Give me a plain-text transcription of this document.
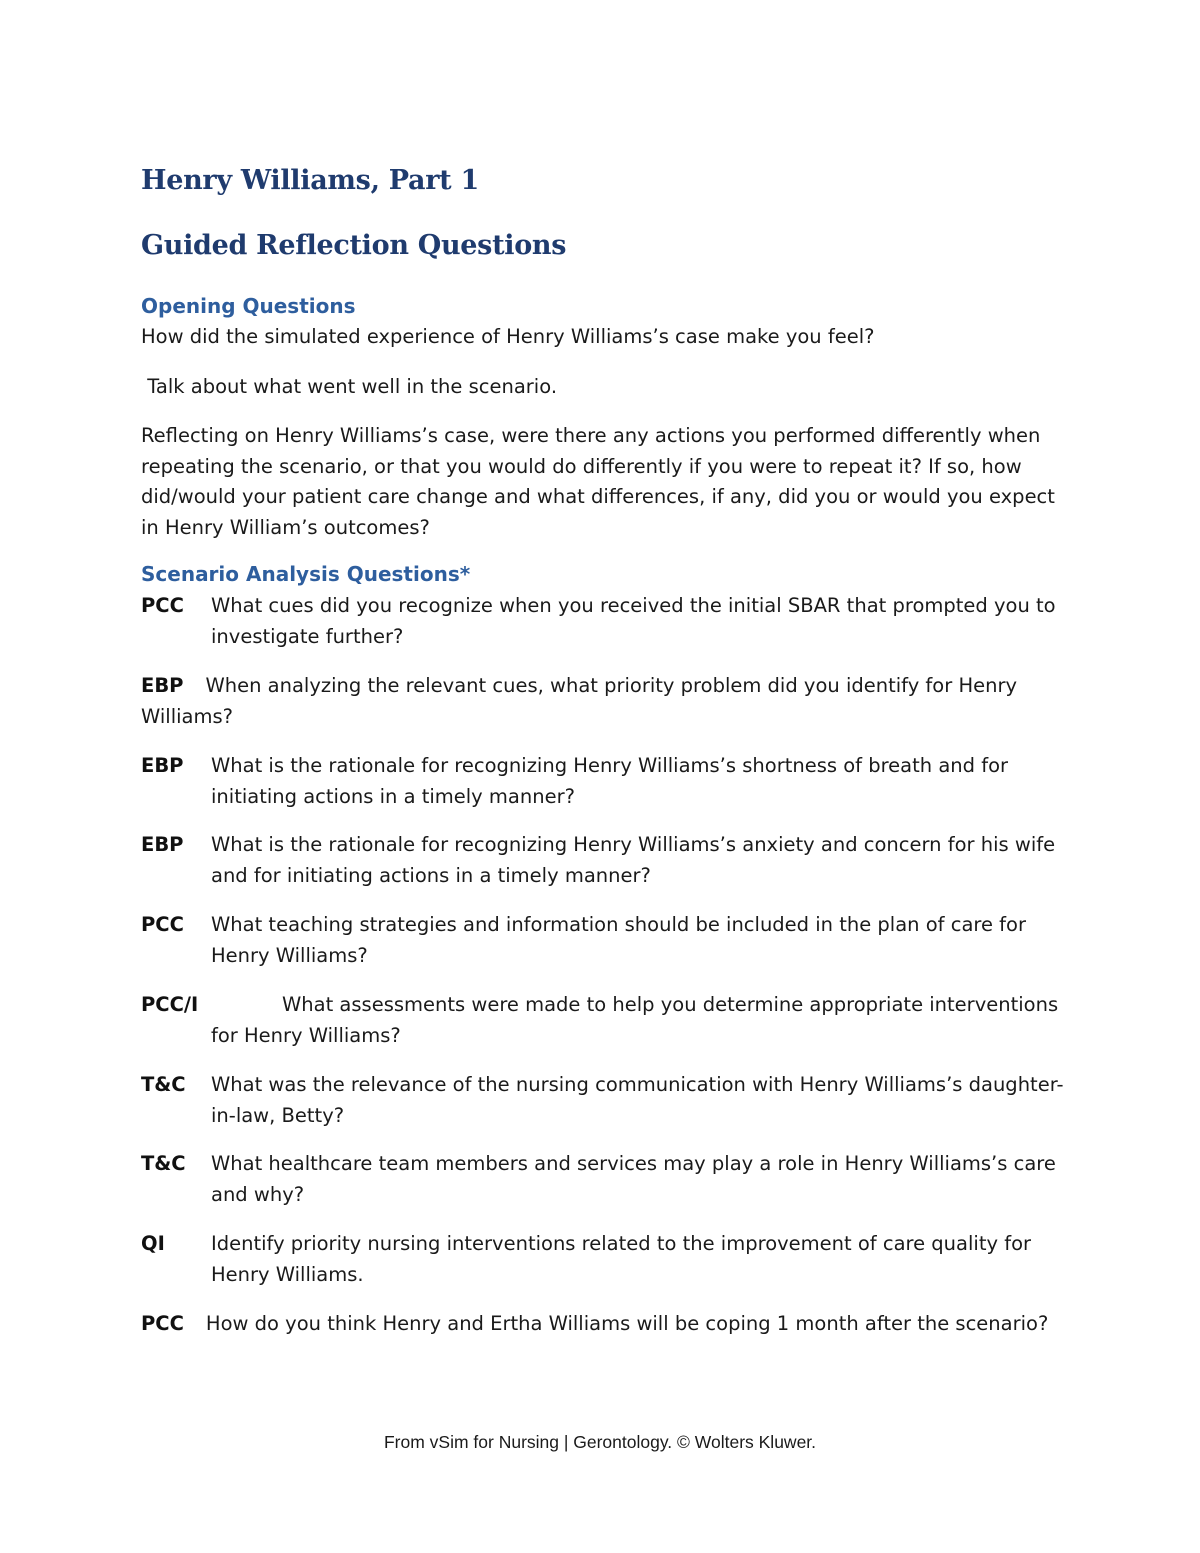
Henry Williams, Part 1
Guided Reflection Questions
Opening Questions
How did the simulated experience of Henry Williams’s case make you feel?
Talk about what went well in the scenario.
Reflecting on Henry Williams’s case, were there any actions you performed differently when repeating the scenario, or that you would do differently if you were to repeat it? If so, how did/would your patient care change and what differences, if any, did you or would you expect in Henry William’s outcomes?
Scenario Analysis Questions*
PCC What cues did you recognize when you received the initial SBAR that prompted you to investigate further?
EBP When analyzing the relevant cues, what priority problem did you identify for Henry Williams?
EBP What is the rationale for recognizing Henry Williams’s shortness of breath and for initiating actions in a timely manner?
EBP What is the rationale for recognizing Henry Williams’s anxiety and concern for his wife and for initiating actions in a timely manner?
PCC What teaching strategies and information should be included in the plan of care for Henry Williams?
PCC/I	What assessments were made to help you determine appropriate interventions for Henry Williams?
T&C What was the relevance of the nursing communication with Henry Williams’s daughter-in-law, Betty?
T&C What healthcare team members and services may play a role in Henry Williams’s care and why?
QI Identify priority nursing interventions related to the improvement of care quality for Henry Williams.
PCC How do you think Henry and Ertha Williams will be coping 1 month after the scenario?
From vSim for Nursing | Gerontology. © Wolters Kluwer.
